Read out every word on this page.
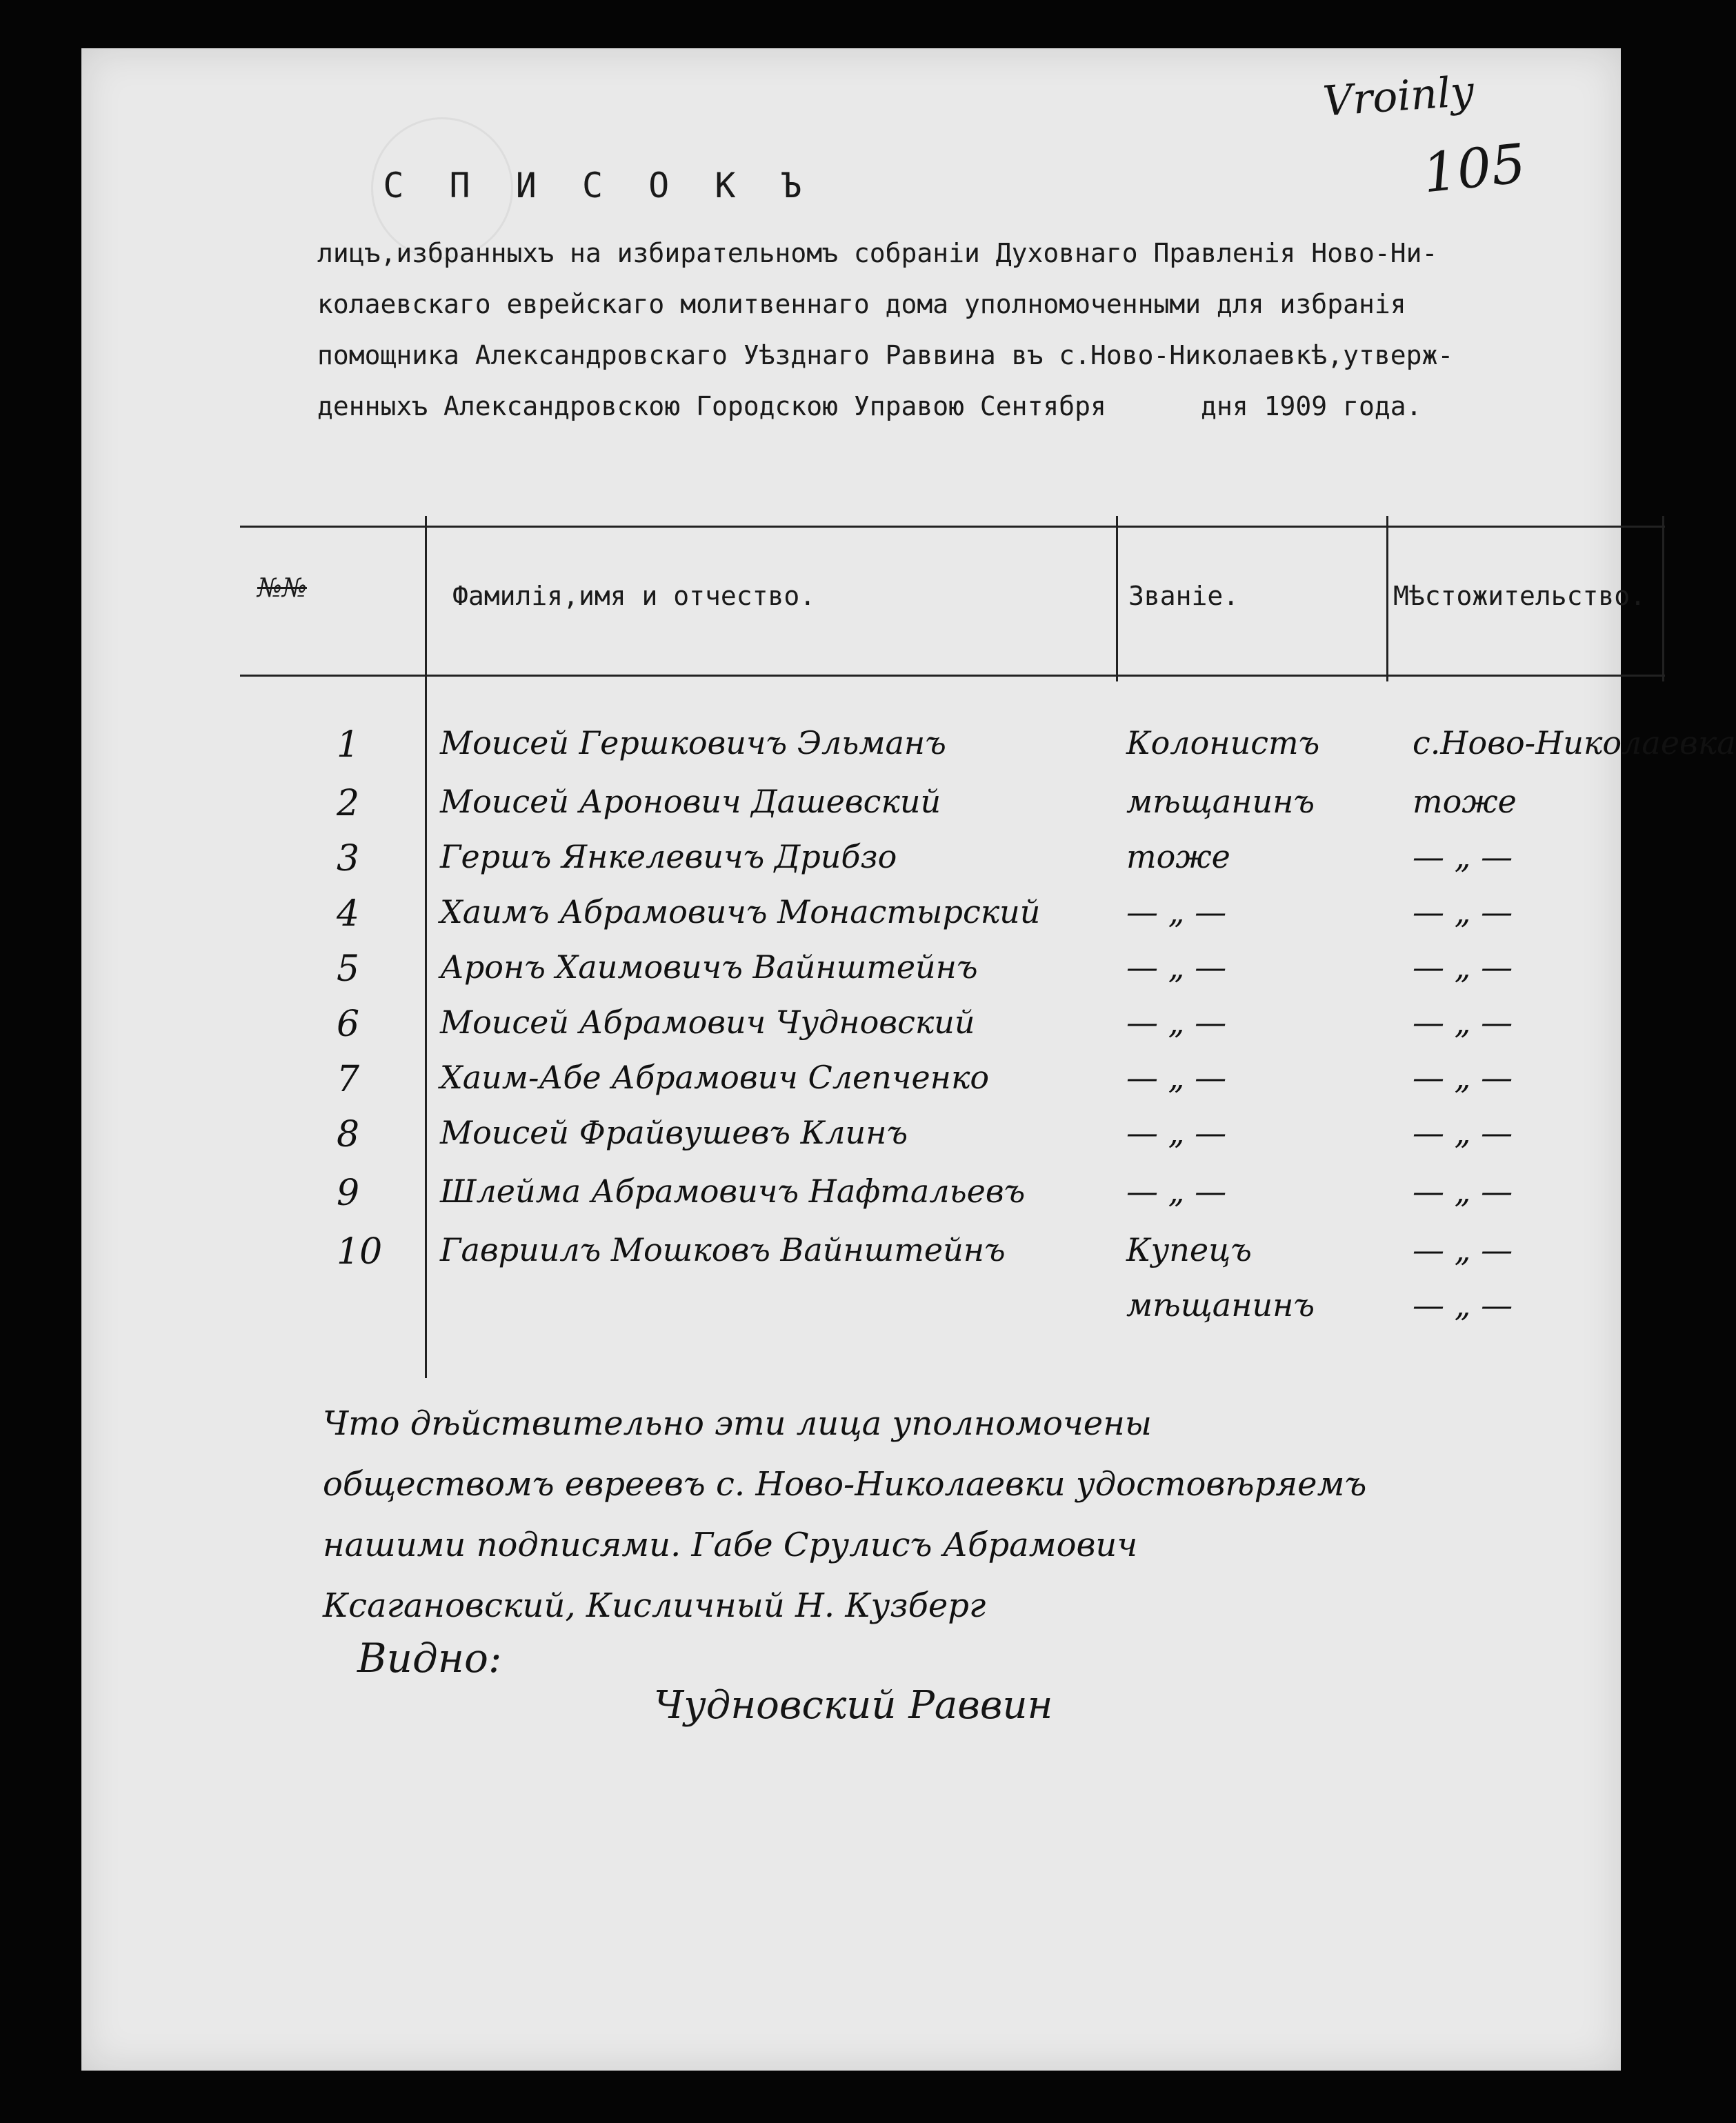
Vroinly
105
С П И С О К Ъ
лицъ,избранныхъ на избирательномъ собранiи Духовнаго Правленiя Ново-Ни-
колаевскаго еврейскаго молитвеннаго дома уполномоченными для избранiя
помощника Александровскаго Уѣзднаго Раввина въ с.Ново-Николаевкѣ,утверж-
денныхъ Александровскою Городскою Управою Сентября      дня 1909 года.
№№	Фамилiя,имя и отчество.	Званiе.	Мѣстожительство.
1	Моисей Гершковичъ Эльманъ	Колонистъ	с.Ново-Николаевка
2	Моисей Аронович Дашевский	мѣщанинъ	тоже
3	Гершъ Янкелевичъ Дрибзо	тоже	— „ —
4	Хаимъ Абрамовичъ Монастырский	— „ —	— „ —
5	Аронъ Хаимовичъ Вайнштейнъ	— „ —	— „ —
6	Моисей Абрамович Чудновский	— „ —	— „ —
7	Хаим-Абе Абрамович Слепченко	— „ —	— „ —
8	Моисей Фрайвушевъ Клинъ	— „ —	— „ —
9	Шлейма Абрамовичъ Нафтальевъ	— „ —	— „ —
10 Гавриилъ Мошковъ Вайнштейнъ	Купецъ	— „ —
мѣщанинъ	— „ —
Что дѣйствительно эти лица уполномочены
обществомъ евреевъ с. Ново-Николаевки удостовѣряемъ
нашими подписями. Габе Срулисъ Абрамович
Ксагановский, Кисличный Н. Кузберг
Видно:
Чудновский Раввин
